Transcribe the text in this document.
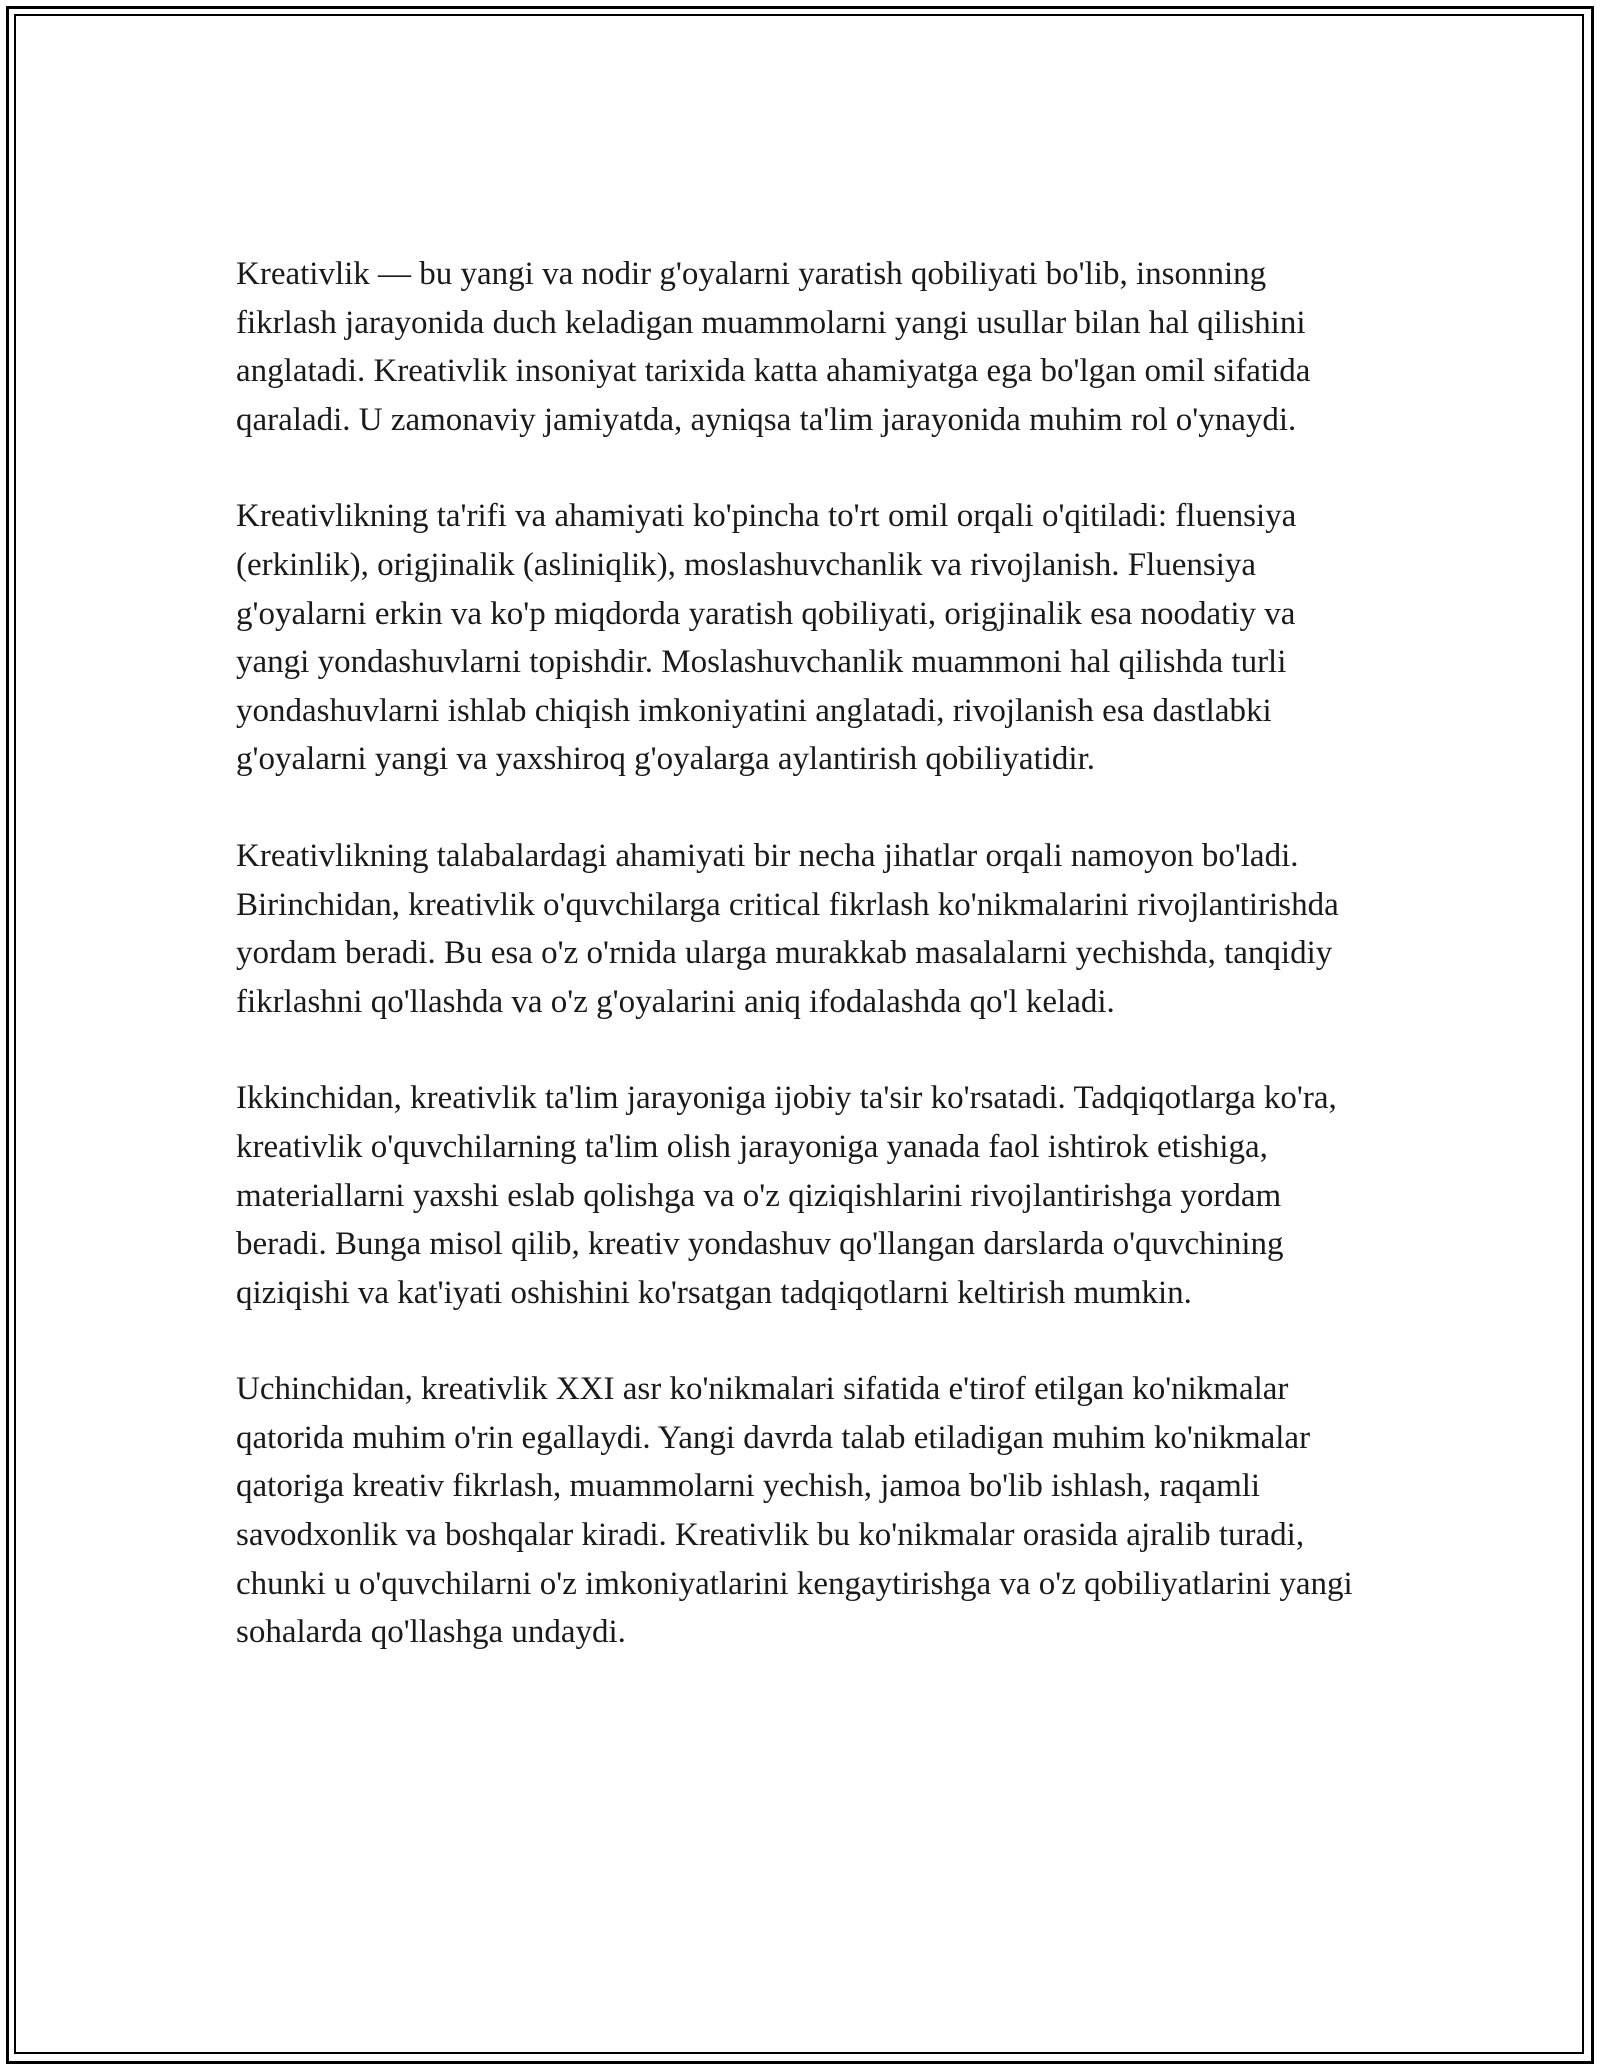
Kreativlik — bu yangi va nodir g'oyalarni yaratish qobiliyati bo'lib, insonning fikrlash jarayonida duch keladigan muammolarni yangi usullar bilan hal qilishini anglatadi. Kreativlik insoniyat tarixida katta ahamiyatga ega bo'lgan omil sifatida qaraladi. U zamonaviy jamiyatda, ayniqsa ta'lim jarayonida muhim rol o'ynaydi.

Kreativlikning ta'rifi va ahamiyati ko'pincha to'rt omil orqali o'qitiladi: fluensiya (erkinlik), origjinalik (asliniqlik), moslashuvchanlik va rivojlanish. Fluensiya g'oyalarni erkin va ko'p miqdorda yaratish qobiliyati, origjinalik esa noodatiy va yangi yondashuvlarni topishdir. Moslashuvchanlik muammoni hal qilishda turli yondashuvlarni ishlab chiqish imkoniyatini anglatadi, rivojlanish esa dastlabki g'oyalarni yangi va yaxshiroq g'oyalarga aylantirish qobiliyatidir.

Kreativlikning talabalardagi ahamiyati bir necha jihatlar orqali namoyon bo'ladi. Birinchidan, kreativlik o'quvchilarga critical fikrlash ko'nikmalarini rivojlantirishda yordam beradi. Bu esa o'z o'rnida ularga murakkab masalalarni yechishda, tanqidiy fikrlashni qo'llashda va o'z g'oyalarini aniq ifodalashda qo'l keladi.

Ikkinchidan, kreativlik ta'lim jarayoniga ijobiy ta'sir ko'rsatadi. Tadqiqotlarga ko'ra, kreativlik o'quvchilarning ta'lim olish jarayoniga yanada faol ishtirok etishiga, materiallarni yaxshi eslab qolishga va o'z qiziqishlarini rivojlantirishga yordam beradi. Bunga misol qilib, kreativ yondashuv qo'llangan darslarda o'quvchining qiziqishi va kat'iyati oshishini ko'rsatgan tadqiqotlarni keltirish mumkin.

Uchinchidan, kreativlik XXI asr ko'nikmalari sifatida e'tirof etilgan ko'nikmalar qatorida muhim o'rin egallaydi. Yangi davrda talab etiladigan muhim ko'nikmalar qatoriga kreativ fikrlash, muammolarni yechish, jamoa bo'lib ishlash, raqamli savodxonlik va boshqalar kiradi. Kreativlik bu ko'nikmalar orasida ajralib turadi, chunki u o'quvchilarni o'z imkoniyatlarini kengaytirishga va o'z qobiliyatlarini yangi sohalarda qo'llashga undaydi.
